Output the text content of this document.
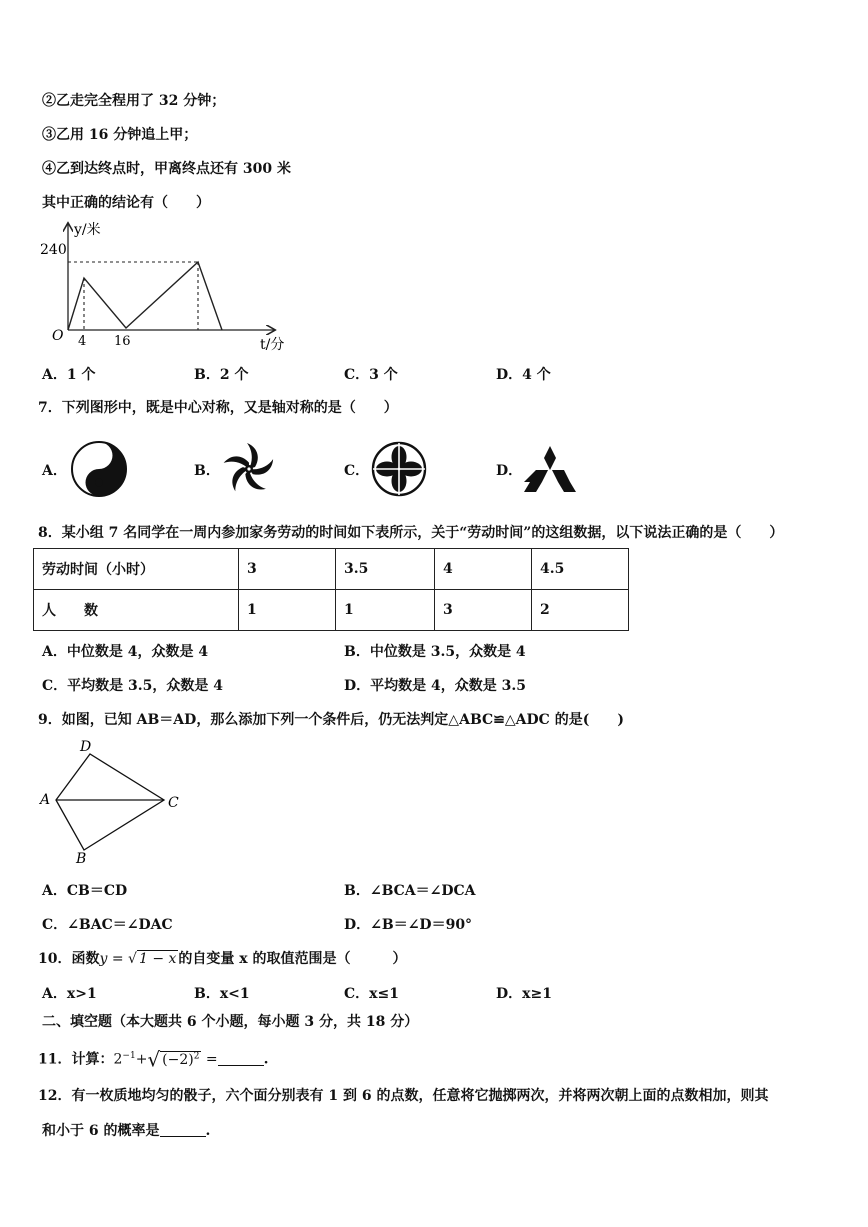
②乙走完全程用了 32 分钟；
③乙用 16 分钟追上甲；
④乙到达终点时，甲离终点还有 300 米
其中正确的结论有（　　）
y/米
t/分
O
240
4 16
A．1 个	B．2 个	C．3 个	D．4 个
7．下列图形中，既是中心对称，又是轴对称的是（　　）
A．	B．	C．	D．
8．某小组 7 名同学在一周内参加家务劳动的时间如下表所示，关于“劳动时间”的这组数据，以下说法正确的是（　　）
劳动时间（小时）	3	3.5	4	4.5
人　　数	1	1	3	2
A．中位数是 4，众数是 4	B．中位数是 3.5，众数是 4
C．平均数是 3.5，众数是 4	D．平均数是 4，众数是 3.5
9．如图，已知 AB＝AD，那么添加下列一个条件后，仍无法判定△ABC≌△ADC 的是(　　)
D
A	C
B
A．CB＝CD	B．∠BCA＝∠DCA
C．∠BAC＝∠DAC	D．∠B＝∠D＝90°
10．函数y = √ 1 − x 的自变量 x 的取值范围是（　　　）
A．x>1	B．x<1	C．x≤1	D．x≥1
二、填空题（本大题共 6 个小题，每小题 3 分，共 18 分）
11．计算：$2^{-1}+√$ $(-2)^2$ =	.
12．有一枚质地均匀的骰子，六个面分别表有 1 到 6 的点数，任意将它抛掷两次，并将两次朝上面的点数相加，则其
和小于 6 的概率是	.
